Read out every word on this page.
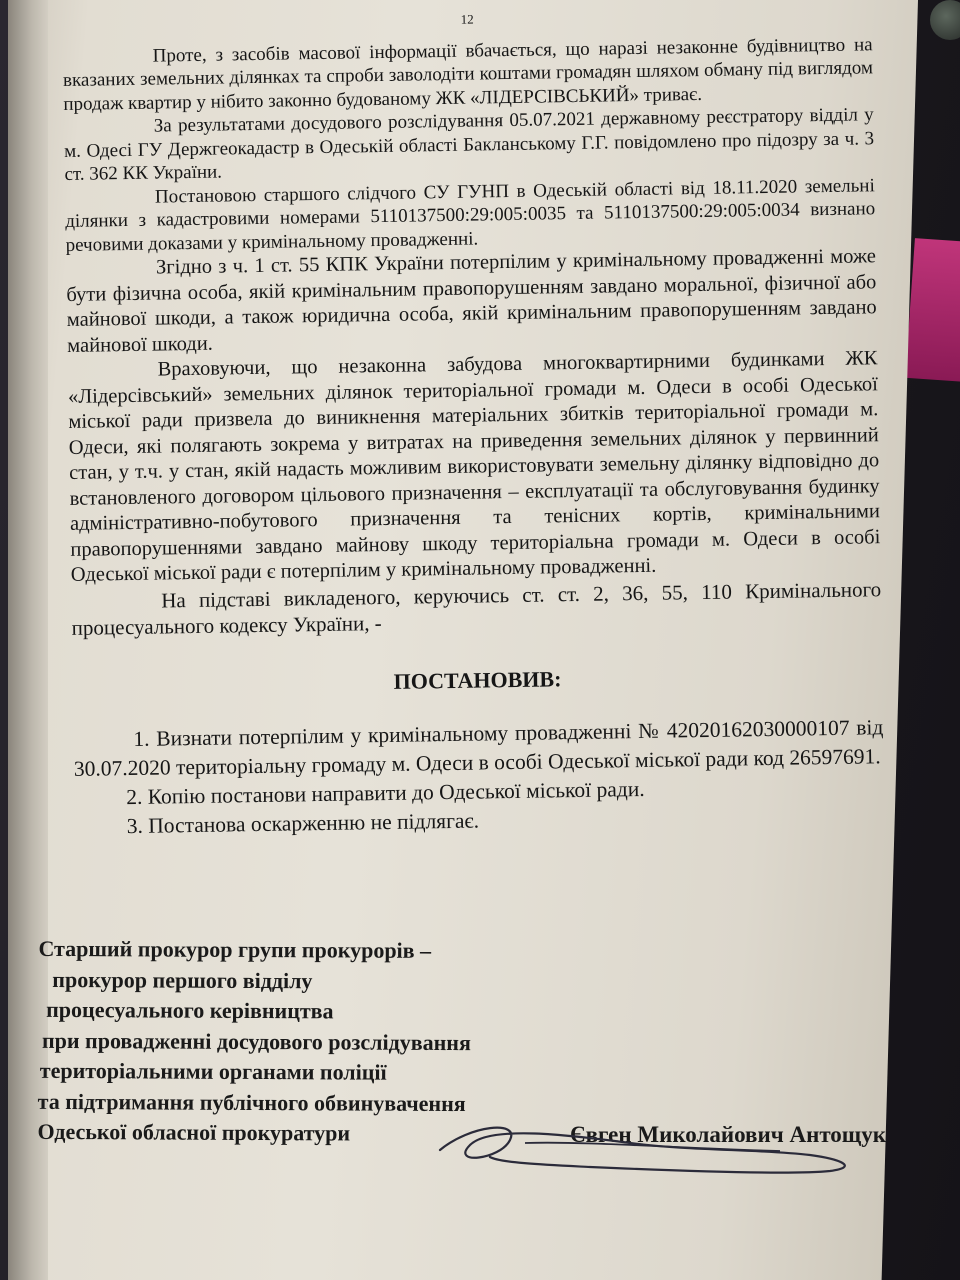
12

Проте, з засобів масової інформації вбачається, що наразі незаконне будівництво на вказаних земельних ділянках та спроби заволодіти коштами громадян шляхом обману під виглядом продаж квартир у нібито законно будованому ЖК «ЛІДЕРСІВСЬКИЙ» триває.

За результатами досудового розслідування 05.07.2021 державному реєстратору відділ у м. Одесі ГУ Держгеокадастр в Одеській області Бакланському Г.Г. повідомлено про підозру за ч. 3 ст. 362 КК України.

Постановою старшого слідчого СУ ГУНП в Одеській області від 18.11.2020 земельні ділянки з кадастровими номерами 5110137500:29:005:0035 та 5110137500:29:005:0034 визнано речовими доказами у кримінальному провадженні.

Згідно з ч. 1 ст. 55 КПК України потерпілим у кримінальному провадженні може бути фізична особа, якій кримінальним правопорушенням завдано моральної, фізичної або майнової шкоди, а також юридична особа, якій кримінальним правопорушенням завдано майнової шкоди.

Враховуючи, що незаконна забудова многоквартирними будинками ЖК «Лідерсівський» земельних ділянок територіальної громади м. Одеси в особі Одеської міської ради призвела до виникнення матеріальних збитків територіальної громади м. Одеси, які полягають зокрема у витратах на приведення земельних ділянок у первинний стан, у т.ч. у стан, якій надасть можливим використовувати земельну ділянку відповідно до встановленого договором цільового призначення – експлуатації та обслуговування будинку адміністративно-побутового призначення та тенісних кортів, кримінальними правопорушеннями завдано майнову шкоду територіальна громади м. Одеси в особі Одеської міської ради є потерпілим у кримінальному провадженні.

На підставі викладеного, керуючись ст. ст. 2, 36, 55, 110 Кримінального процесуального кодексу України, -

ПОСТАНОВИВ:

1. Визнати потерпілим у кримінальному провадженні № 42020162030000107 від 30.07.2020 територіальну громаду м. Одеси в особі Одеської міської ради код 26597691.

2. Копію постанови направити до Одеської міської ради.

3. Постанова оскарженню не підлягає.

Старший прокурор групи прокурорів –
прокурор першого відділу
процесуального керівництва
при провадженні досудового розслідування
територіальними органами поліції
та підтримання публічного обвинувачення
Одеської обласної прокуратури	Євген Миколайович Антощук
